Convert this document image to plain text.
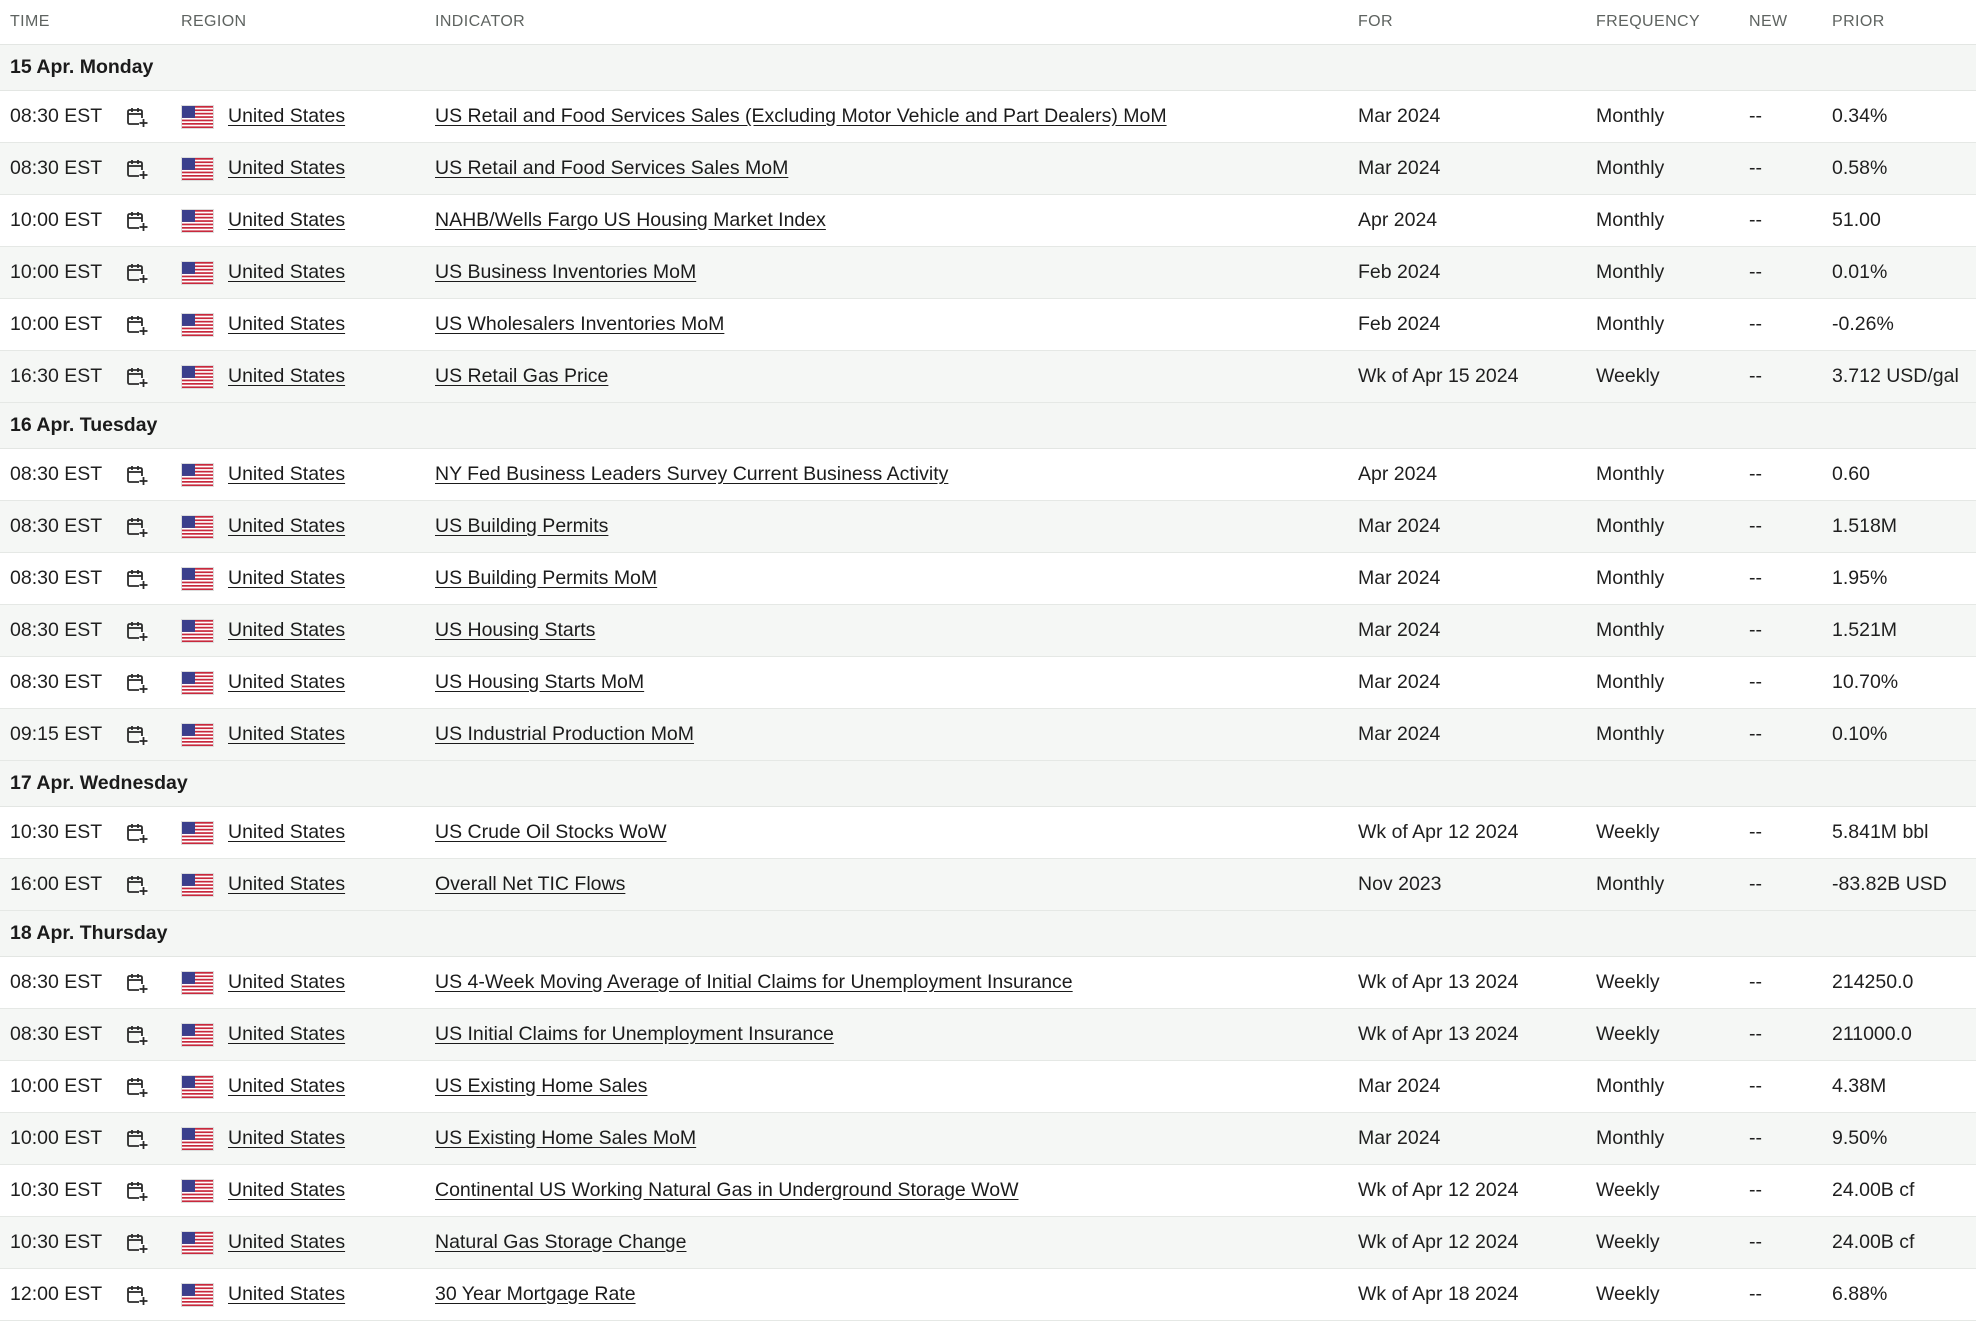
TIME	REGION	INDICATOR	FOR	FREQUENCY	NEW	PRIOR
15 Apr. Monday
08:30 EST	United States	US Retail and Food Services Sales (Excluding Motor Vehicle and Part Dealers) MoM	Mar 2024	Monthly	--	0.34%
08:30 EST	United States	US Retail and Food Services Sales MoM	Mar 2024	Monthly	--	0.58%
10:00 EST	United States	NAHB/Wells Fargo US Housing Market Index	Apr 2024	Monthly	--	51.00
10:00 EST	United States	US Business Inventories MoM	Feb 2024	Monthly	--	0.01%
10:00 EST	United States	US Wholesalers Inventories MoM	Feb 2024	Monthly	--	-0.26%
16:30 EST	United States	US Retail Gas Price	Wk of Apr 15 2024	Weekly	--	3.712 USD/gal
16 Apr. Tuesday
08:30 EST	United States	NY Fed Business Leaders Survey Current Business Activity	Apr 2024	Monthly	--	0.60
08:30 EST	United States	US Building Permits	Mar 2024	Monthly	--	1.518M
08:30 EST	United States	US Building Permits MoM	Mar 2024	Monthly	--	1.95%
08:30 EST	United States	US Housing Starts	Mar 2024	Monthly	--	1.521M
08:30 EST	United States	US Housing Starts MoM	Mar 2024	Monthly	--	10.70%
09:15 EST	United States	US Industrial Production MoM	Mar 2024	Monthly	--	0.10%
17 Apr. Wednesday
10:30 EST	United States	US Crude Oil Stocks WoW	Wk of Apr 12 2024	Weekly	--	5.841M bbl
16:00 EST	United States	Overall Net TIC Flows	Nov 2023	Monthly	--	-83.82B USD
18 Apr. Thursday
08:30 EST	United States	US 4-Week Moving Average of Initial Claims for Unemployment Insurance	Wk of Apr 13 2024	Weekly	--	214250.0
08:30 EST	United States	US Initial Claims for Unemployment Insurance	Wk of Apr 13 2024	Weekly	--	211000.0
10:00 EST	United States	US Existing Home Sales	Mar 2024	Monthly	--	4.38M
10:00 EST	United States	US Existing Home Sales MoM	Mar 2024	Monthly	--	9.50%
10:30 EST	United States	Continental US Working Natural Gas in Underground Storage WoW	Wk of Apr 12 2024	Weekly	--	24.00B cf
10:30 EST	United States	Natural Gas Storage Change	Wk of Apr 12 2024	Weekly	--	24.00B cf
12:00 EST	United States	30 Year Mortgage Rate	Wk of Apr 18 2024	Weekly	--	6.88%
